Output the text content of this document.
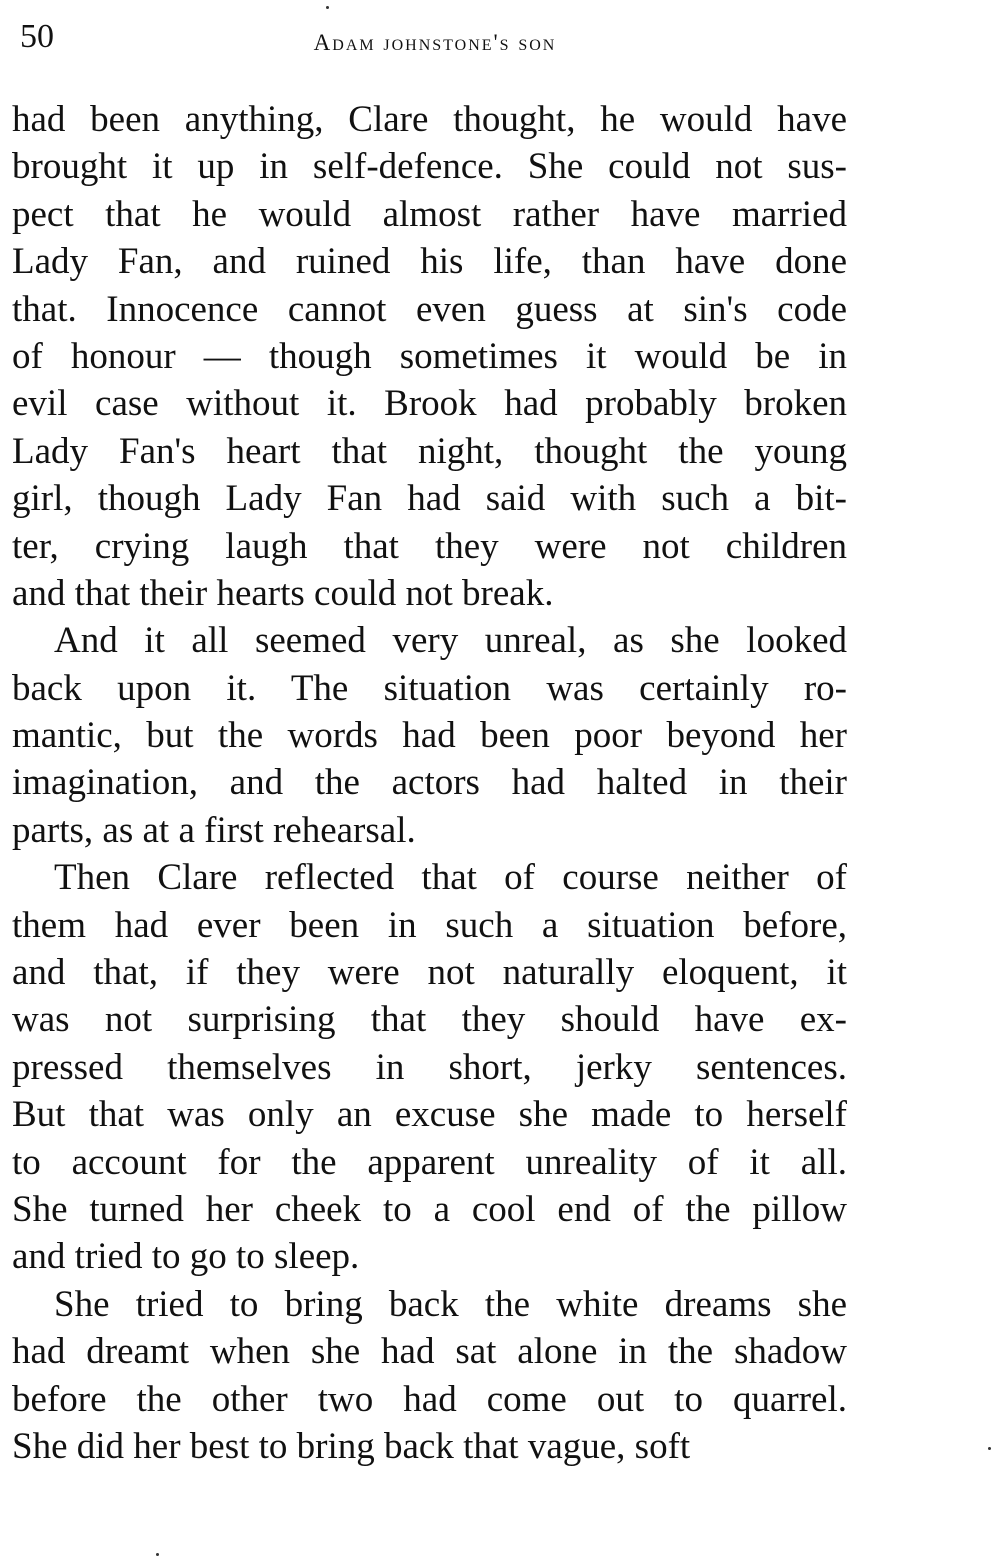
50	adam johnstone's son
had been anything, Clare thought, he would have
brought it up in self-defence. She could not sus-
pect that he would almost rather have married
Lady Fan, and ruined his life, than have done
that. Innocence cannot even guess at sin's code
of honour — though sometimes it would be in
evil case without it. Brook had probably broken
Lady Fan's heart that night, thought the young
girl, though Lady Fan had said with such a bit-
ter, crying laugh that they were not children
and that their hearts could not break.
And it all seemed very unreal, as she looked
back upon it. The situation was certainly ro-
mantic, but the words had been poor beyond her
imagination, and the actors had halted in their
parts, as at a first rehearsal.
Then Clare reflected that of course neither of
them had ever been in such a situation before,
and that, if they were not naturally eloquent, it
was not surprising that they should have ex-
pressed themselves in short, jerky sentences.
But that was only an excuse she made to herself
to account for the apparent unreality of it all.
She turned her cheek to a cool end of the pillow
and tried to go to sleep.
She tried to bring back the white dreams she
had dreamt when she had sat alone in the shadow
before the other two had come out to quarrel.
She did her best to bring back that vague, soft
